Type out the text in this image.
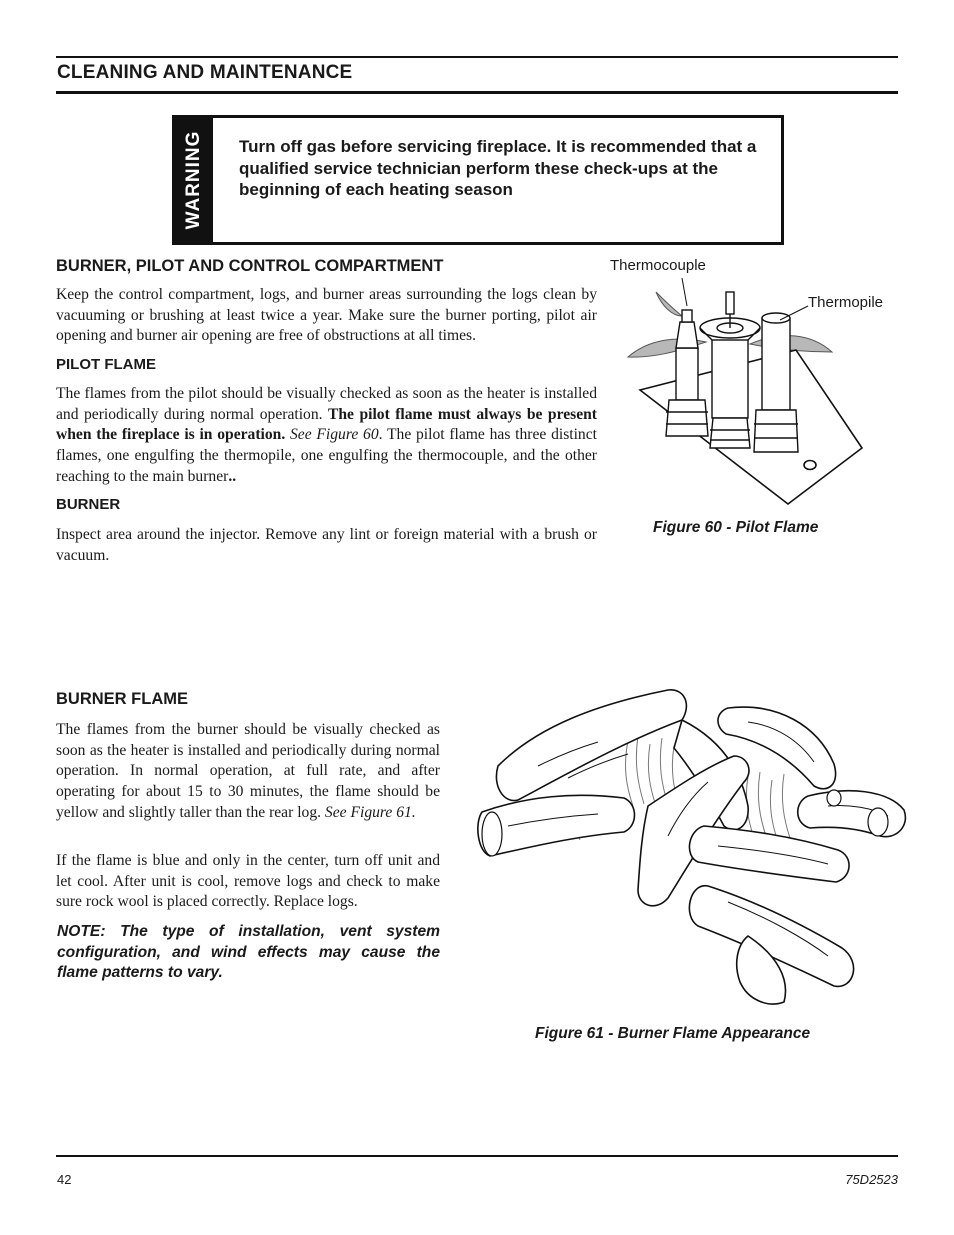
CLEANING AND MAINTENANCE
WARNING Turn off gas before servicing fireplace. It is recommended that a qualified service technician perform these check-ups at the beginning of each heating season
BURNER, PILOT AND CONTROL COMPARTMENT
Keep the control compartment, logs, and burner areas surrounding the logs clean by vacuuming or brushing at least twice a year. Make sure the burner porting, pilot air opening and burner air opening are free of obstructions at all times.
PILOT FLAME
The flames from the pilot should be visually checked as soon as the heater is installed and periodically during normal operation. The pilot flame must always be present when the fireplace is in operation. See Figure 60. The pilot flame has three distinct flames, one engulfing the thermopile, one engulfing the thermocouple, and the other reaching to the main burner..
BURNER
Inspect area around the injector. Remove any lint or foreign material with a brush or vacuum.
Thermocouple
Thermopile
Figure 60 - Pilot Flame
BURNER FLAME
The flames from the burner should be visually checked as soon as the heater is installed and periodically during normal operation. In normal operation, at full rate, and after operating for about 15 to 30 minutes, the flame should be yellow and slightly taller than the rear log. See Figure 61.
If the flame is blue and only in the center, turn off unit and let cool. After unit is cool, remove logs and check to make sure rock wool is placed correctly. Replace logs.
NOTE: The type of installation, vent system configuration, and wind effects may cause the flame patterns to vary.
Figure 61 - Burner Flame Appearance
42	75D2523
